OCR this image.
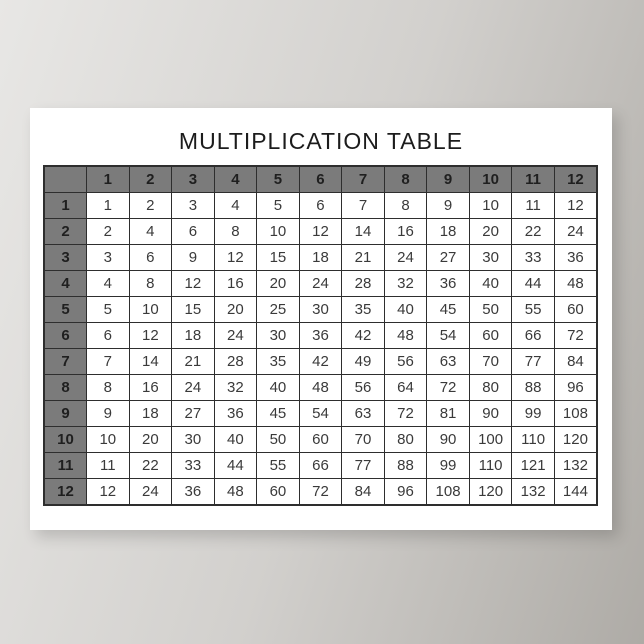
MULTIPLICATION TABLE
	1	2	3	4	5	6	7	8	9	10	11	12
1	1	2	3	4	5	6	7	8	9	10	11	12
2	2	4	6	8	10	12	14	16	18	20	22	24
3	3	6	9	12	15	18	21	24	27	30	33	36
4	4	8	12	16	20	24	28	32	36	40	44	48
5	5	10	15	20	25	30	35	40	45	50	55	60
6	6	12	18	24	30	36	42	48	54	60	66	72
7	7	14	21	28	35	42	49	56	63	70	77	84
8	8	16	24	32	40	48	56	64	72	80	88	96
9	9	18	27	36	45	54	63	72	81	90	99	108
10	10	20	30	40	50	60	70	80	90	100	110	120
11	11	22	33	44	55	66	77	88	99	110	121	132
12	12	24	36	48	60	72	84	96	108	120	132	144
